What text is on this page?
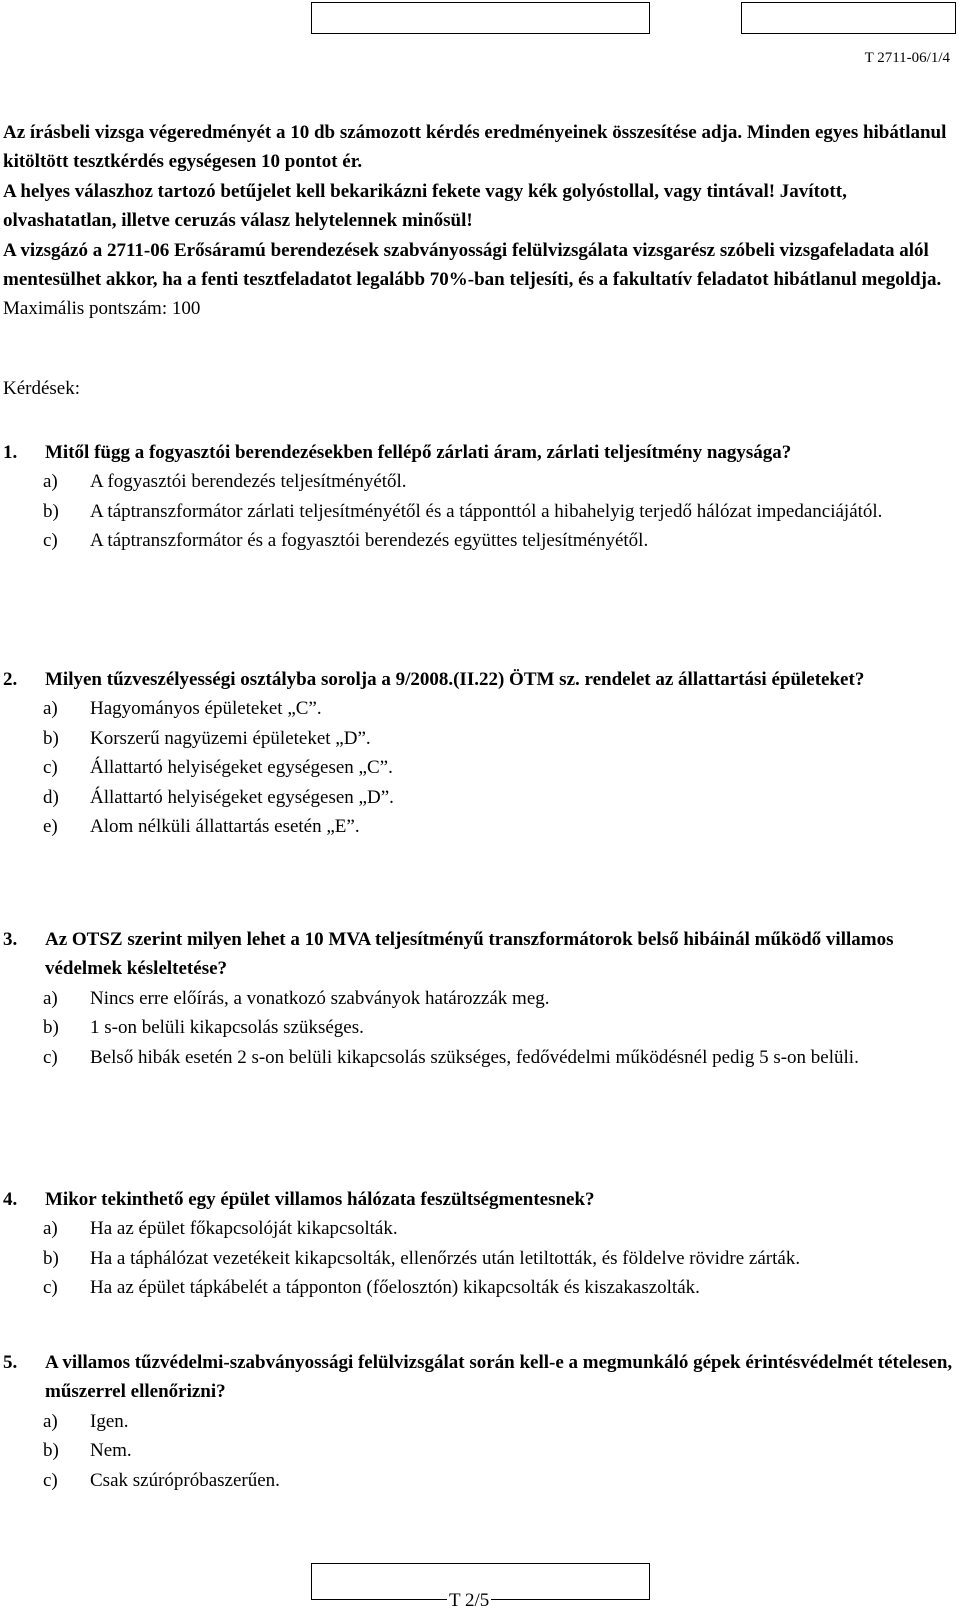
T 2711-06/1/4

Az írásbeli vizsga végeredményét a 10 db számozott kérdés eredményeinek összesítése adja. Minden egyes hibátlanul kitöltött tesztkérdés egységesen 10 pontot ér.

A helyes válaszhoz tartozó betűjelet kell bekarikázni fekete vagy kék golyóstollal, vagy tintával! Javított, olvashatatlan, illetve ceruzás válasz helytelennek minősül!

A vizsgázó a 2711-06 Erősáramú berendezések szabványossági felülvizsgálata vizsgarész szóbeli vizsgafeladata alól mentesülhet akkor, ha a fenti tesztfeladatot legalább 70%-ban teljesíti, és a fakultatív feladatot hibátlanul megoldja.

Maximális pontszám: 100

Kérdések:
1. Mitől függ a fogyasztói berendezésekben fellépő zárlati áram, zárlati teljesítmény nagysága?
a) A fogyasztói berendezés teljesítményétől.
b) A táptranszformátor zárlati teljesítményétől és a tápponttól a hibahelyig terjedő hálózat impedanciájától.
c) A táptranszformátor és a fogyasztói berendezés együttes teljesítményétől.
2. Milyen tűzveszélyességi osztályba sorolja a 9/2008.(II.22) ÖTM sz. rendelet az állattartási épületeket?
a) Hagyományos épületeket „C”.
b) Korszerű nagyüzemi épületeket „D”.
c) Állattartó helyiségeket egységesen „C”.
d) Állattartó helyiségeket egységesen „D”.
e) Alom nélküli állattartás esetén „E”.
3. Az OTSZ szerint milyen lehet a 10 MVA teljesítményű transzformátorok belső hibáinál működő villamos védelmek késleltetése?
a) Nincs erre előírás, a vonatkozó szabványok határozzák meg.
b) 1 s-on belüli kikapcsolás szükséges.
c) Belső hibák esetén 2 s-on belüli kikapcsolás szükséges, fedővédelmi működésnél pedig 5 s-on belüli.
4. Mikor tekinthető egy épület villamos hálózata feszültségmentesnek?
a) Ha az épület főkapcsolóját kikapcsolták.
b) Ha a táphálózat vezetékeit kikapcsolták, ellenőrzés után letiltották, és földelve rövidre zárták.
c) Ha az épület tápkábelét a tápponton (főelosztón) kikapcsolták és kiszakaszolták.
5. A villamos tűzvédelmi-szabványossági felülvizsgálat során kell-e a megmunkáló gépek érintésvédelmét tételesen, műszerrel ellenőrizni?
a) Igen.
b) Nem.
c) Csak szúrópróbaszerűen.
T 2/5
